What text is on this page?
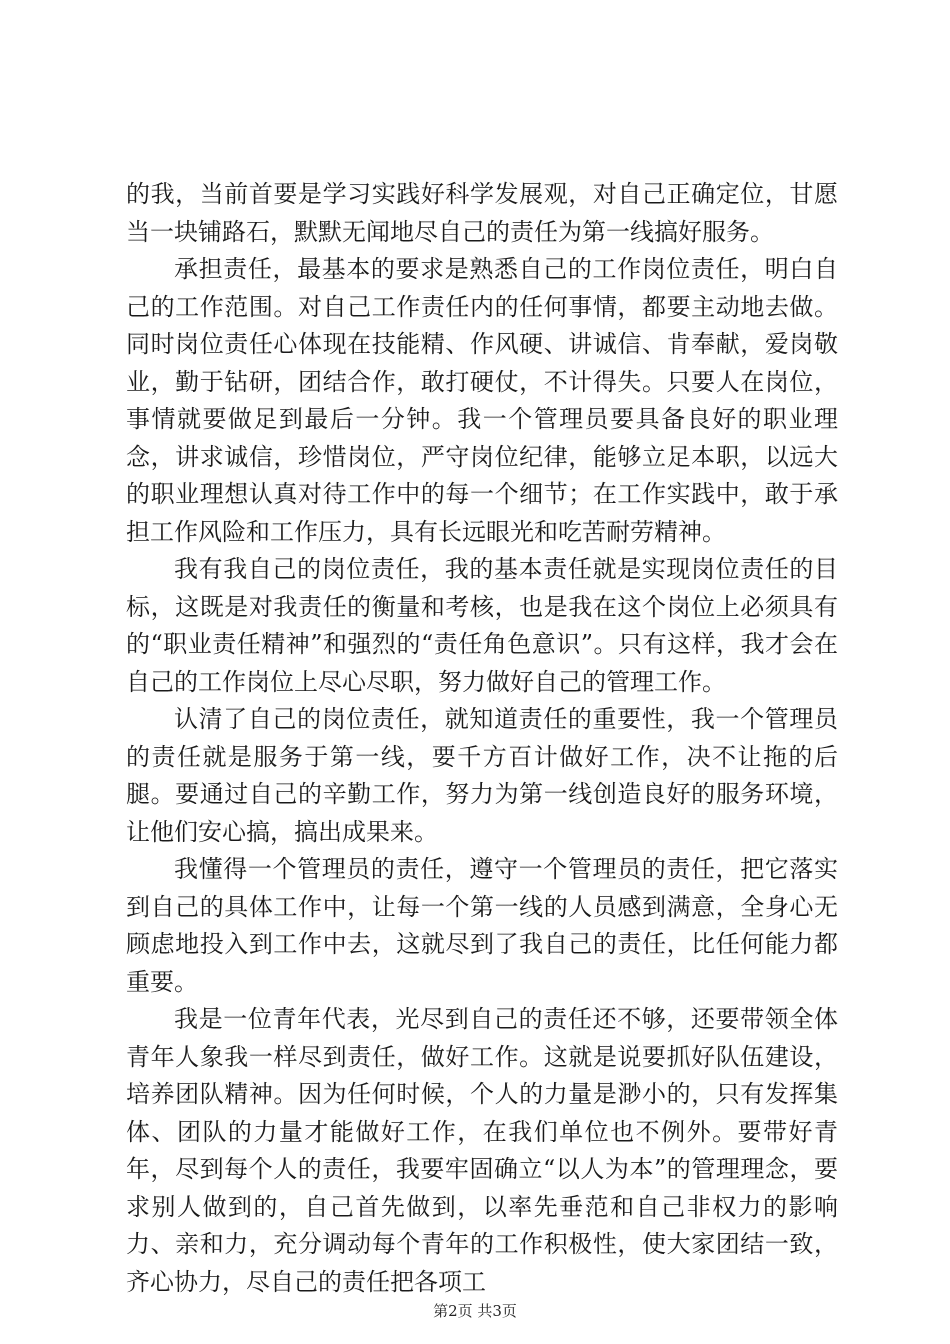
的我，当前首要是学习实践好科学发展观，对自己正确定位，甘愿当一块铺路石，默默无闻地尽自己的责任为第一线搞好服务。

承担责任，最基本的要求是熟悉自己的工作岗位责任，明白自己的工作范围。对自己工作责任内的任何事情，都要主动地去做。同时岗位责任心体现在技能精、作风硬、讲诚信、肯奉献，爱岗敬业，勤于钻研，团结合作，敢打硬仗，不计得失。只要人在岗位，事情就要做足到最后一分钟。我一个管理员要具备良好的职业理念，讲求诚信，珍惜岗位，严守岗位纪律，能够立足本职，以远大的职业理想认真对待工作中的每一个细节；在工作实践中，敢于承担工作风险和工作压力，具有长远眼光和吃苦耐劳精神。

我有我自己的岗位责任，我的基本责任就是实现岗位责任的目标，这既是对我责任的衡量和考核，也是我在这个岗位上必须具有的“职业责任精神”和强烈的“责任角色意识”。只有这样，我才会在自己的工作岗位上尽心尽职，努力做好自己的管理工作。

认清了自己的岗位责任，就知道责任的重要性，我一个管理员的责任就是服务于第一线，要千方百计做好工作，决不让拖的后腿。要通过自己的辛勤工作，努力为第一线创造良好的服务环境，让他们安心搞，搞出成果来。

我懂得一个管理员的责任，遵守一个管理员的责任，把它落实到自己的具体工作中，让每一个第一线的人员感到满意，全身心无顾虑地投入到工作中去，这就尽到了我自己的责任，比任何能力都重要。

我是一位青年代表，光尽到自己的责任还不够，还要带领全体青年人象我一样尽到责任，做好工作。这就是说要抓好队伍建设，培养团队精神。因为任何时候，个人的力量是渺小的，只有发挥集体、团队的力量才能做好工作，在我们单位也不例外。要带好青年，尽到每个人的责任，我要牢固确立“以人为本”的管理理念，要求别人做到的，自己首先做到，以率先垂范和自己非权力的影响力、亲和力，充分调动每个青年的工作积极性，使大家团结一致，齐心协力，尽自己的责任把各项工

第2页 共3页
